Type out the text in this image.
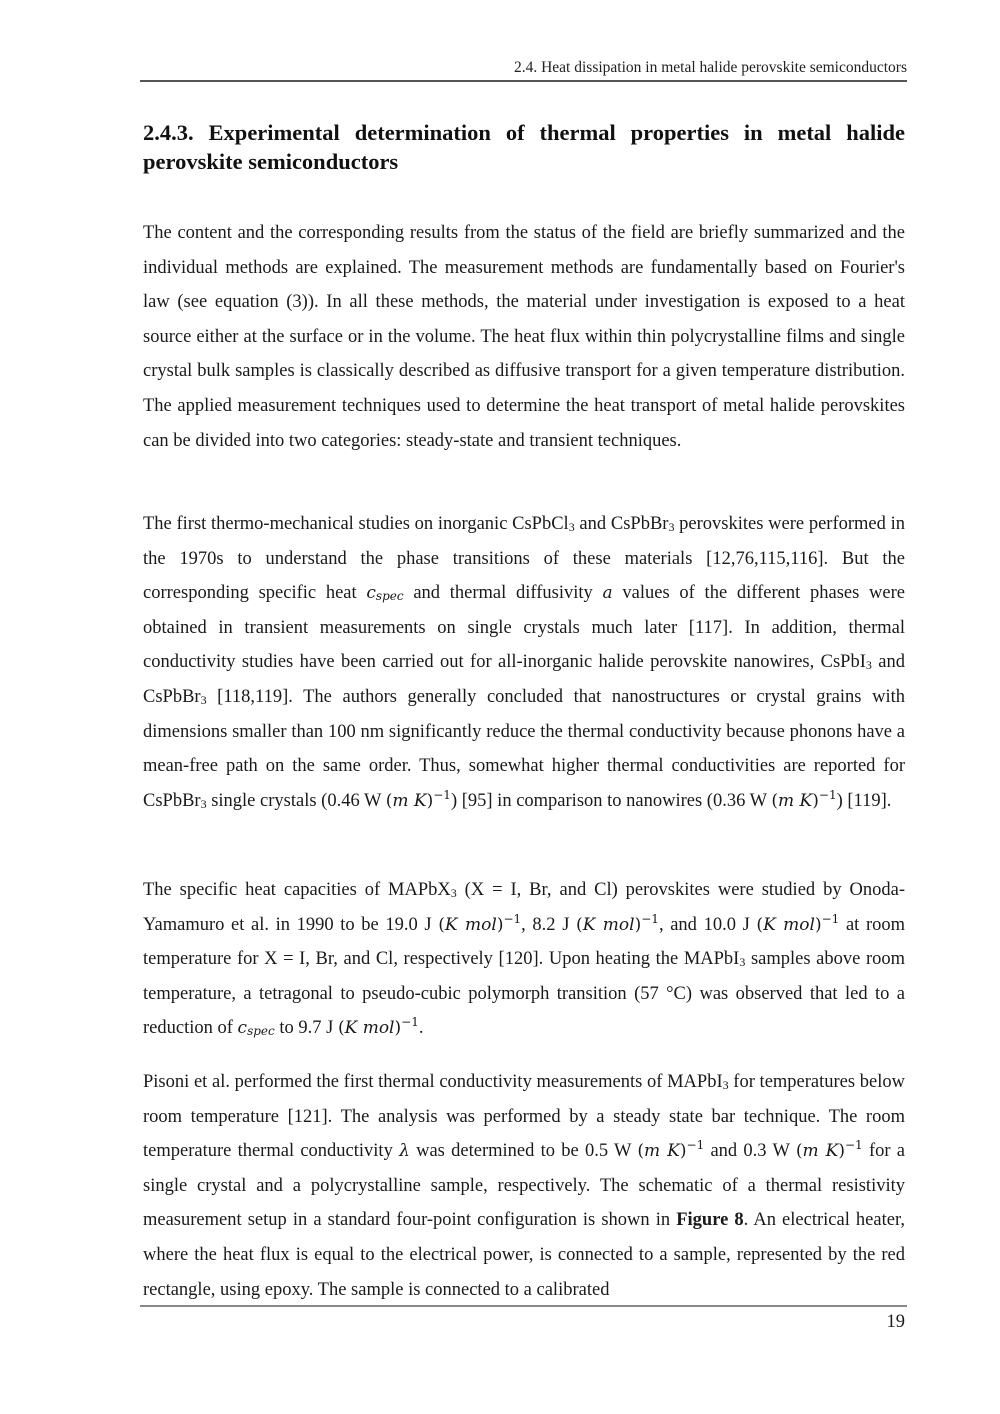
2.4. Heat dissipation in metal halide perovskite semiconductors
2.4.3. Experimental determination of thermal properties in metal halide perovskite semiconductors

The content and the corresponding results from the status of the field are briefly summarized and the individual methods are explained. The measurement methods are fundamentally based on Fourier's law (see equation (3)). In all these methods, the material under investigation is exposed to a heat source either at the surface or in the volume. The heat flux within thin polycrystalline films and single crystal bulk samples is classically described as diffusive transport for a given temperature distribution. The applied measurement techniques used to determine the heat transport of metal halide perovskites can be divided into two categories: steady-state and transient techniques.

The first thermo-mechanical studies on inorganic CsPbCl$_3$ and CsPbBr$_3$ perovskites were performed in the 1970s to understand the phase transitions of these materials [12,76,115,116]. But the corresponding specific heat $c_{spec}$ and thermal diffusivity a values of the different phases were obtained in transient measurements on single crystals much later [117]. In addition, thermal conductivity studies have been carried out for all-inorganic halide perovskite nanowires, CsPbI$_3$ and CsPbBr$_3$ [118,119]. The authors generally concluded that nanostructures or crystal grains with dimensions smaller than 100 nm significantly reduce the thermal conductivity because phonons have a mean-free path on the same order. Thus, somewhat higher thermal conductivities are reported for CsPbBr$_3$ single crystals (0.46 W (m K)$^{-1}$) [95] in comparison to nanowires (0.36 W (m K)$^{-1}$) [119].

The specific heat capacities of MAPbX$_3$ (X = I, Br, and Cl) perovskites were studied by Onoda-Yamamuro et al. in 1990 to be 19.0 J (K mol)$^{-1}$, 8.2 J (K mol)$^{-1}$, and 10.0 J (K mol)$^{-1}$ at room temperature for X = I, Br, and Cl, respectively [120]. Upon heating the MAPbI$_3$ samples above room temperature, a tetragonal to pseudo-cubic polymorph transition (57 °C) was observed that led to a reduction of $c_{spec}$ to 9.7 J (K mol)$^{-1}$.

Pisoni et al. performed the first thermal conductivity measurements of MAPbI$_3$ for temperatures below room temperature [121]. The analysis was performed by a steady state bar technique. The room temperature thermal conductivity λ was determined to be 0.5 W (m K)$^{-1}$ and 0.3 W (m K)$^{-1}$ for a single crystal and a polycrystalline sample, respectively. The schematic of a thermal resistivity measurement setup in a standard four-point configuration is shown in Figure 8. An electrical heater, where the heat flux is equal to the electrical power, is connected to a sample, represented by the red rectangle, using epoxy. The sample is connected to a calibrated

19
